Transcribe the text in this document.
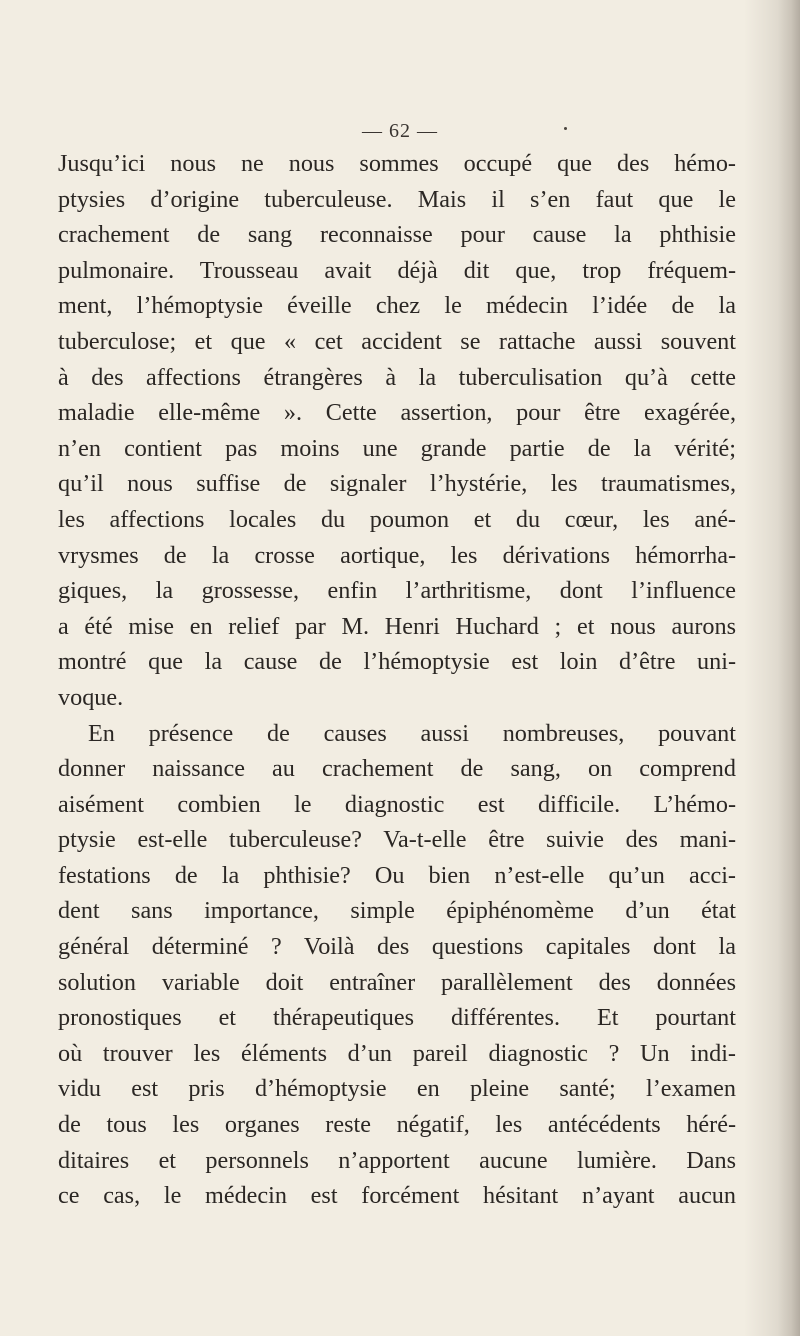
— 62 —
Jusqu’ici nous ne nous sommes occupé que des hémo-
ptysies d’origine tuberculeuse. Mais il s’en faut que le
crachement de sang reconnaisse pour cause la phthisie
pulmonaire. Trousseau avait déjà dit que, trop fréquem-
ment, l’hémoptysie éveille chez le médecin l’idée de la
tuberculose; et que « cet accident se rattache aussi souvent
à des affections étrangères à la tuberculisation qu’à cette
maladie elle-même ». Cette assertion, pour être exagérée,
n’en contient pas moins une grande partie de la vérité;
qu’il nous suffise de signaler l’hystérie, les traumatismes,
les affections locales du poumon et du cœur, les ané-
vrysmes de la crosse aortique, les dérivations hémorrha-
giques, la grossesse, enfin l’arthritisme, dont l’influence
a été mise en relief par M. Henri Huchard ; et nous aurons
montré que la cause de l’hémoptysie est loin d’être uni-
voque.
En présence de causes aussi nombreuses, pouvant
donner naissance au crachement de sang, on comprend
aisément combien le diagnostic est difficile. L’hémo-
ptysie est-elle tuberculeuse? Va-t-elle être suivie des mani-
festations de la phthisie? Ou bien n’est-elle qu’un acci-
dent sans importance, simple épiphénomème d’un état
général déterminé ? Voilà des questions capitales dont la
solution variable doit entraîner parallèlement des données
pronostiques et thérapeutiques différentes. Et pourtant
où trouver les éléments d’un pareil diagnostic ? Un indi-
vidu est pris d’hémoptysie en pleine santé; l’examen
de tous les organes reste négatif, les antécédents héré-
ditaires et personnels n’apportent aucune lumière. Dans
ce cas, le médecin est forcément hésitant n’ayant aucun
